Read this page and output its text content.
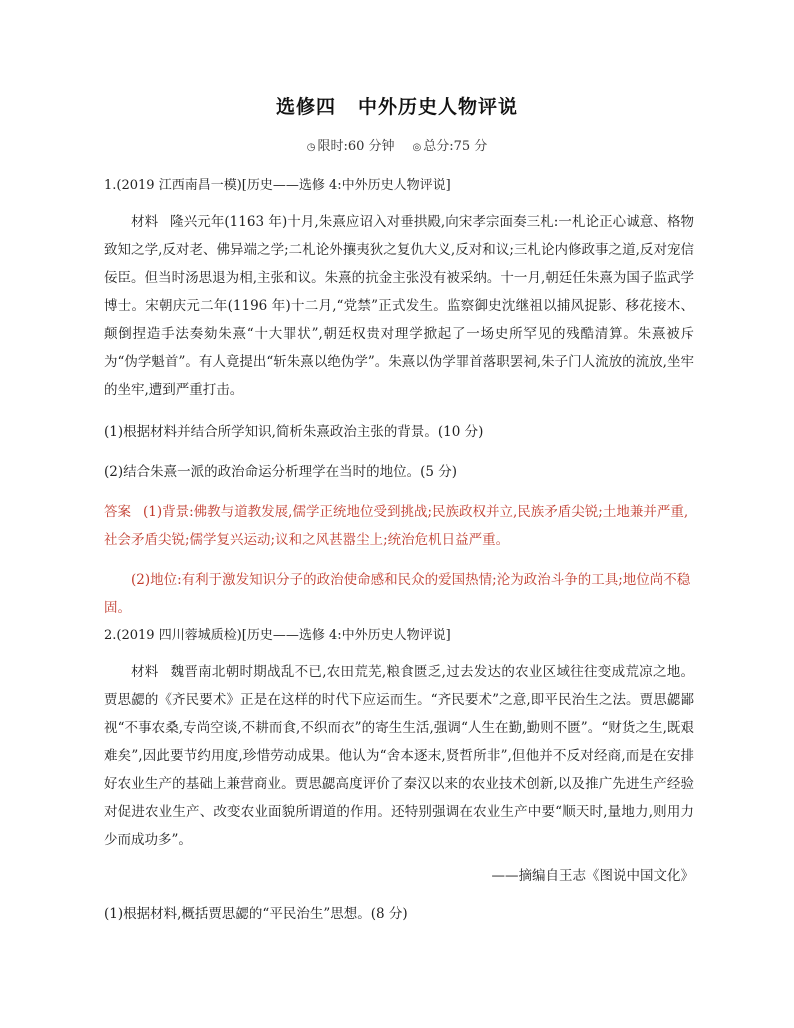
选修四 中外历史人物评说
◷ 限时:60 分钟 ◎ 总分:75 分
1.(2019 江西南昌一模)[历史——选修 4:中外历史人物评说]
材料 隆兴元年(1163 年)十月,朱熹应诏入对垂拱殿,向宋孝宗面奏三札:一札论正心诚意、格物致知之学,反对老、佛异端之学;二札论外攘夷狄之复仇大义,反对和议;三札论内修政事之道,反对宠信佞臣。但当时汤思退为相,主张和议。朱熹的抗金主张没有被采纳。十一月,朝廷任朱熹为国子监武学博士。宋朝庆元二年(1196 年)十二月,“党禁”正式发生。监察御史沈继祖以捕风捉影、移花接木、颠倒捏造手法奏劾朱熹“十大罪状”,朝廷权贵对理学掀起了一场史所罕见的残酷清算。朱熹被斥为“伪学魁首”。有人竟提出“斩朱熹以绝伪学”。朱熹以伪学罪首落职罢祠,朱子门人流放的流放,坐牢的坐牢,遭到严重打击。
(1)根据材料并结合所学知识,简析朱熹政治主张的背景。(10 分)
(2)结合朱熹一派的政治命运分析理学在当时的地位。(5 分)
答案 (1)背景:佛教与道教发展,儒学正统地位受到挑战;民族政权并立,民族矛盾尖锐;土地兼并严重,社会矛盾尖锐;儒学复兴运动;议和之风甚嚣尘上;统治危机日益严重。
(2)地位:有利于激发知识分子的政治使命感和民众的爱国热情;沦为政治斗争的工具;地位尚不稳固。
2.(2019 四川蓉城质检)[历史——选修 4:中外历史人物评说]
材料 魏晋南北朝时期战乱不已,农田荒芜,粮食匮乏,过去发达的农业区域往往变成荒凉之地。贾思勰的《齐民要术》正是在这样的时代下应运而生。“齐民要术”之意,即平民治生之法。贾思勰鄙视“不事农桑,专尚空谈,不耕而食,不织而衣”的寄生生活,强调“人生在勤,勤则不匮”。“财货之生,既艰难矣”,因此要节约用度,珍惜劳动成果。他认为“舍本逐末,贤哲所非”,但他并不反对经商,而是在安排好农业生产的基础上兼营商业。贾思勰高度评价了秦汉以来的农业技术创新,以及推广先进生产经验对促进农业生产、改变农业面貌所谓道的作用。还特别强调在农业生产中要“顺天时,量地力,则用力少而成功多”。
——摘编自王志《图说中国文化》
(1)根据材料,概括贾思勰的“平民治生”思想。(8 分)
